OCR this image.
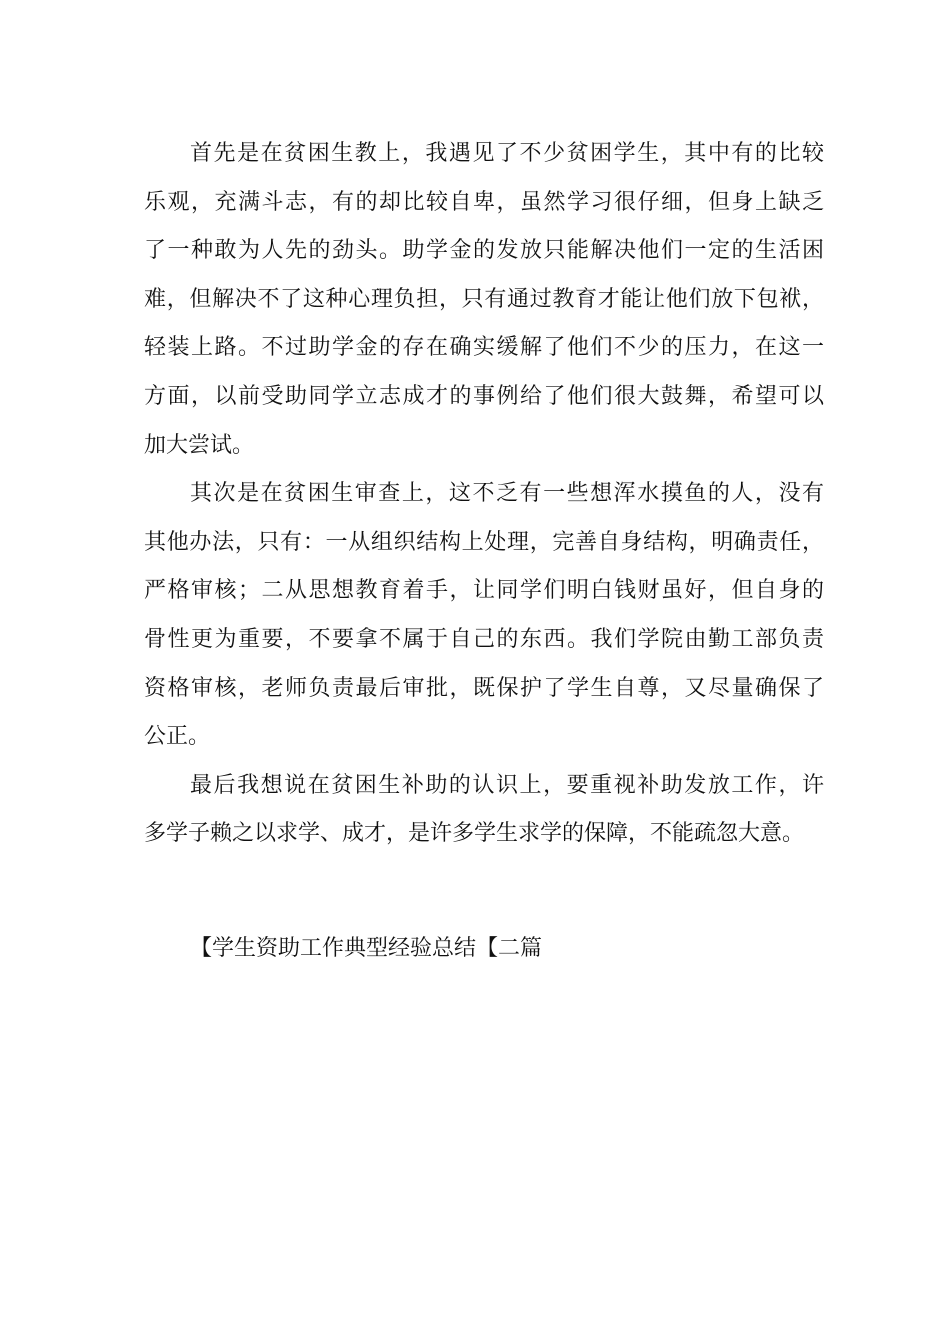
首先是在贫困生教上，我遇见了不少贫困学生，其中有的比较
乐观，充满斗志，有的却比较自卑，虽然学习很仔细，但身上缺乏
了一种敢为人先的劲头。助学金的发放只能解决他们一定的生活困
难，但解决不了这种心理负担，只有通过教育才能让他们放下包袱，
轻装上路。不过助学金的存在确实缓解了他们不少的压力，在这一
方面，以前受助同学立志成才的事例给了他们很大鼓舞，希望可以
加大尝试。

其次是在贫困生审查上，这不乏有一些想浑水摸鱼的人，没有
其他办法，只有：一从组织结构上处理，完善自身结构，明确责任，
严格审核；二从思想教育着手，让同学们明白钱财虽好，但自身的
骨性更为重要，不要拿不属于自己的东西。我们学院由勤工部负责
资格审核，老师负责最后审批，既保护了学生自尊，又尽量确保了
公正。

最后我想说在贫困生补助的认识上，要重视补助发放工作，许
多学子赖之以求学、成才，是许多学生求学的保障，不能疏忽大意。

【学生资助工作典型经验总结【二篇
